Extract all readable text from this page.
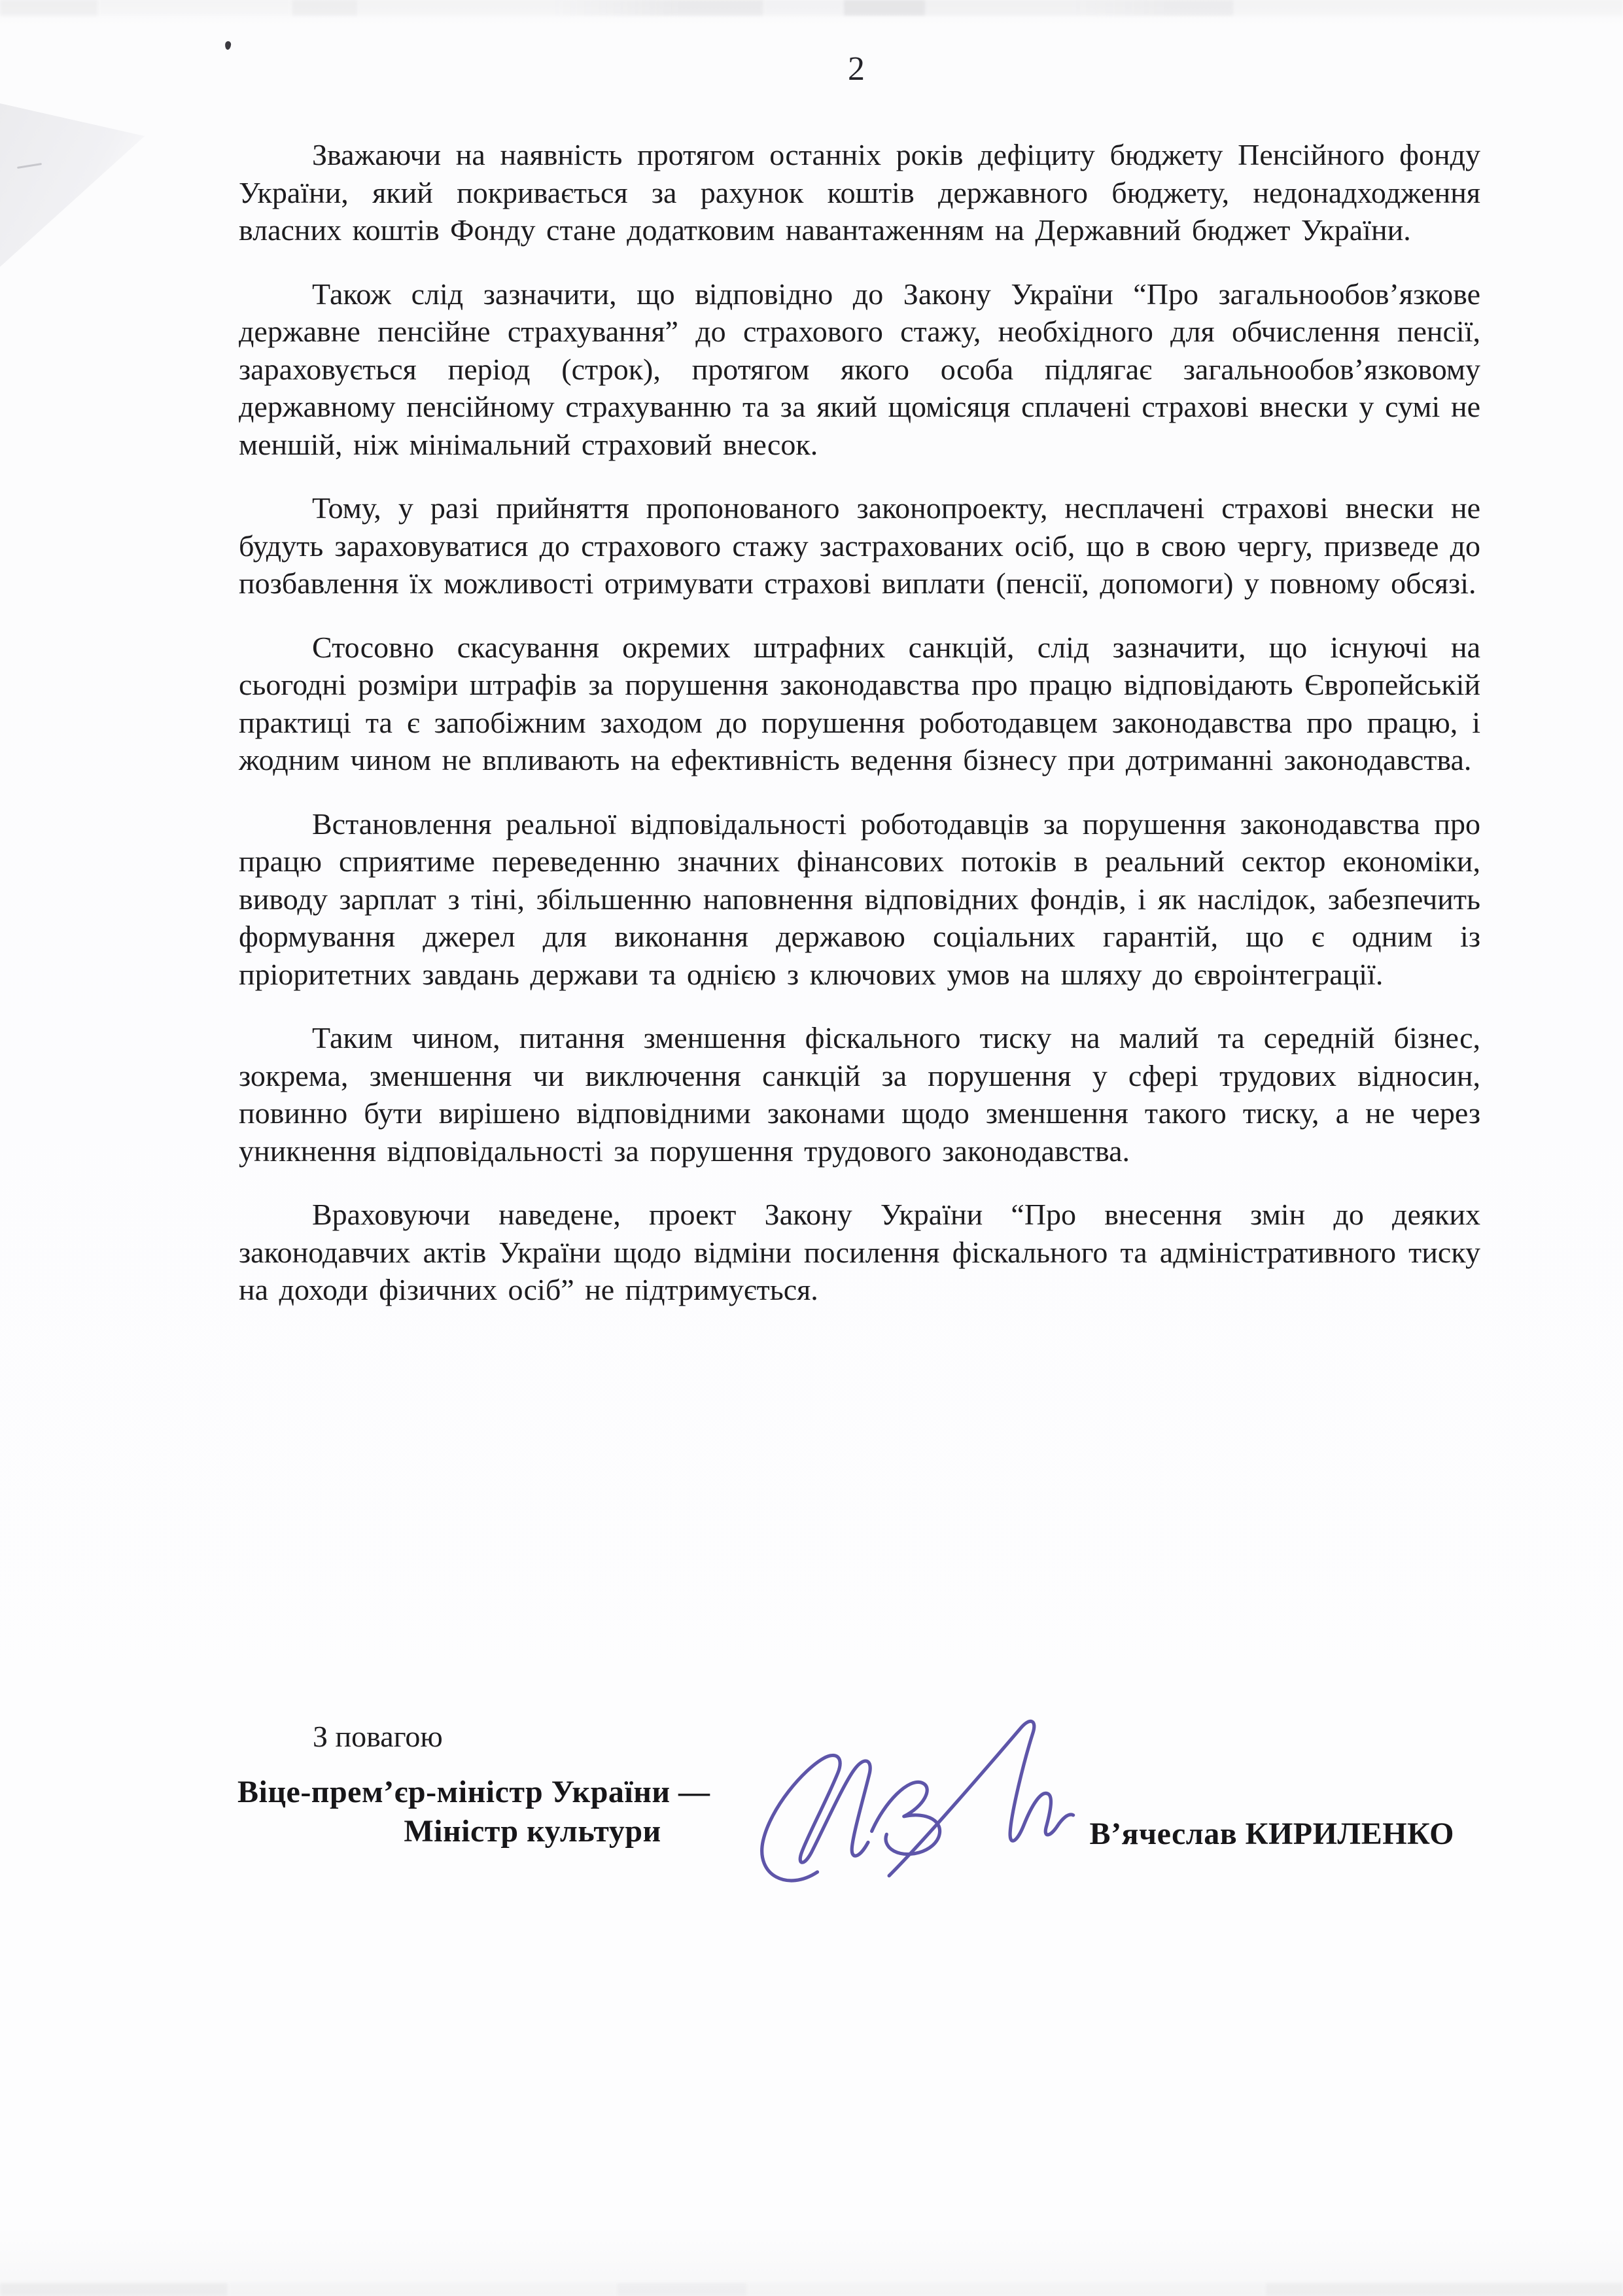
2

Зважаючи на наявність протягом останніх років дефіциту бюджету Пенсійного фонду України, який покривається за рахунок коштів державного бюджету, недонадходження власних коштів Фонду стане додатковим навантаженням на Державний бюджет України.

Також слід зазначити, що відповідно до Закону України “Про загальнообов’язкове державне пенсійне страхування” до страхового стажу, необхідного для обчислення пенсії, зараховується період (строк), протягом якого особа підлягає загальнообов’язковому державному пенсійному страхуванню та за який щомісяця сплачені страхові внески у сумі не меншій, ніж мінімальний страховий внесок.

Тому, у разі прийняття пропонованого законопроекту, несплачені страхові внески не будуть зараховуватися до страхового стажу застрахованих осіб, що в свою чергу, призведе до позбавлення їх можливості отримувати страхові виплати (пенсії, допомоги) у повному обсязі.

Стосовно скасування окремих штрафних санкцій, слід зазначити, що існуючі на сьогодні розміри штрафів за порушення законодавства про працю відповідають Європейській практиці та є запобіжним заходом до порушення роботодавцем законодавства про працю, і жодним чином не впливають на ефективність ведення бізнесу при дотриманні законодавства.

Встановлення реальної відповідальності роботодавців за порушення законодавства про працю сприятиме переведенню значних фінансових потоків в реальний сектор економіки, виводу зарплат з тіні, збільшенню наповнення відповідних фондів, і як наслідок, забезпечить формування джерел для виконання державою соціальних гарантій, що є одним із пріоритетних завдань держави та однією з ключових умов на шляху до євроінтеграції.

Таким чином, питання зменшення фіскального тиску на малий та середній бізнес, зокрема, зменшення чи виключення санкцій за порушення у сфері трудових відносин, повинно бути вирішено відповідними законами щодо зменшення такого тиску, а не через уникнення відповідальності за порушення трудового законодавства.

Враховуючи наведене, проект Закону України “Про внесення змін до деяких законодавчих актів України щодо відміни посилення фіскального та адміністративного тиску на доходи фізичних осіб” не підтримується.

З повагою
Віце-прем’єр-міністр України —
Міністр культури	В’ячеслав КИРИЛЕНКО
